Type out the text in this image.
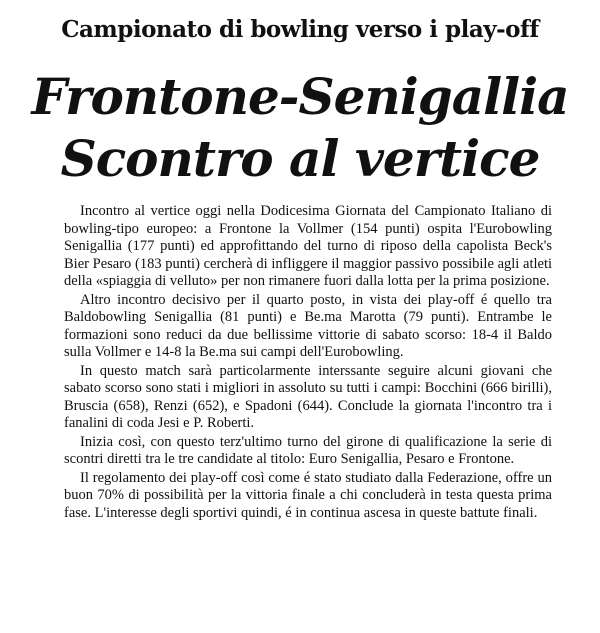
Campionato di bowling verso i play-off
Frontone-Senigallia
Scontro al vertice

Incontro al vertice oggi nella Dodicesima Giornata del Campionato Italiano di bowling-tipo europeo: a Frontone la Vollmer (154 punti) ospita l'Eurobowling Senigallia (177 punti) ed approfittando del turno di riposo della capolista Beck's Bier Pesaro (183 punti) cercherà di infliggere il maggior passivo possibile agli atleti della «spiaggia di velluto» per non rimanere fuori dalla lotta per la prima posizione.

Altro incontro decisivo per il quarto posto, in vista dei play-off é quello tra Baldobowling Senigallia (81 punti) e Be.ma Marotta (79 punti). Entrambe le formazioni sono reduci da due bellissime vittorie di sabato scorso: 18-4 il Baldo sulla Vollmer e 14-8 la Be.ma sui campi dell'Eurobowling.

In questo match sarà particolarmente interssante seguire alcuni giovani che sabato scorso sono stati i migliori in assoluto su tutti i campi: Bocchini (666 birilli), Bruscia (658), Renzi (652), e Spadoni (644). Conclude la giornata l'incontro tra i fanalini di coda Jesi e P. Roberti.

Inizia così, con questo terz'ultimo turno del girone di qualificazione la serie di scontri diretti tra le tre candidate al titolo: Euro Senigallia, Pesaro e Frontone.

Il regolamento dei play-off così come é stato studiato dalla Federazione, offre un buon 70% di possibilità per la vittoria finale a chi concluderà in testa questa prima fase. L'interesse degli sportivi quindi, é in continua ascesa in queste battute finali.
